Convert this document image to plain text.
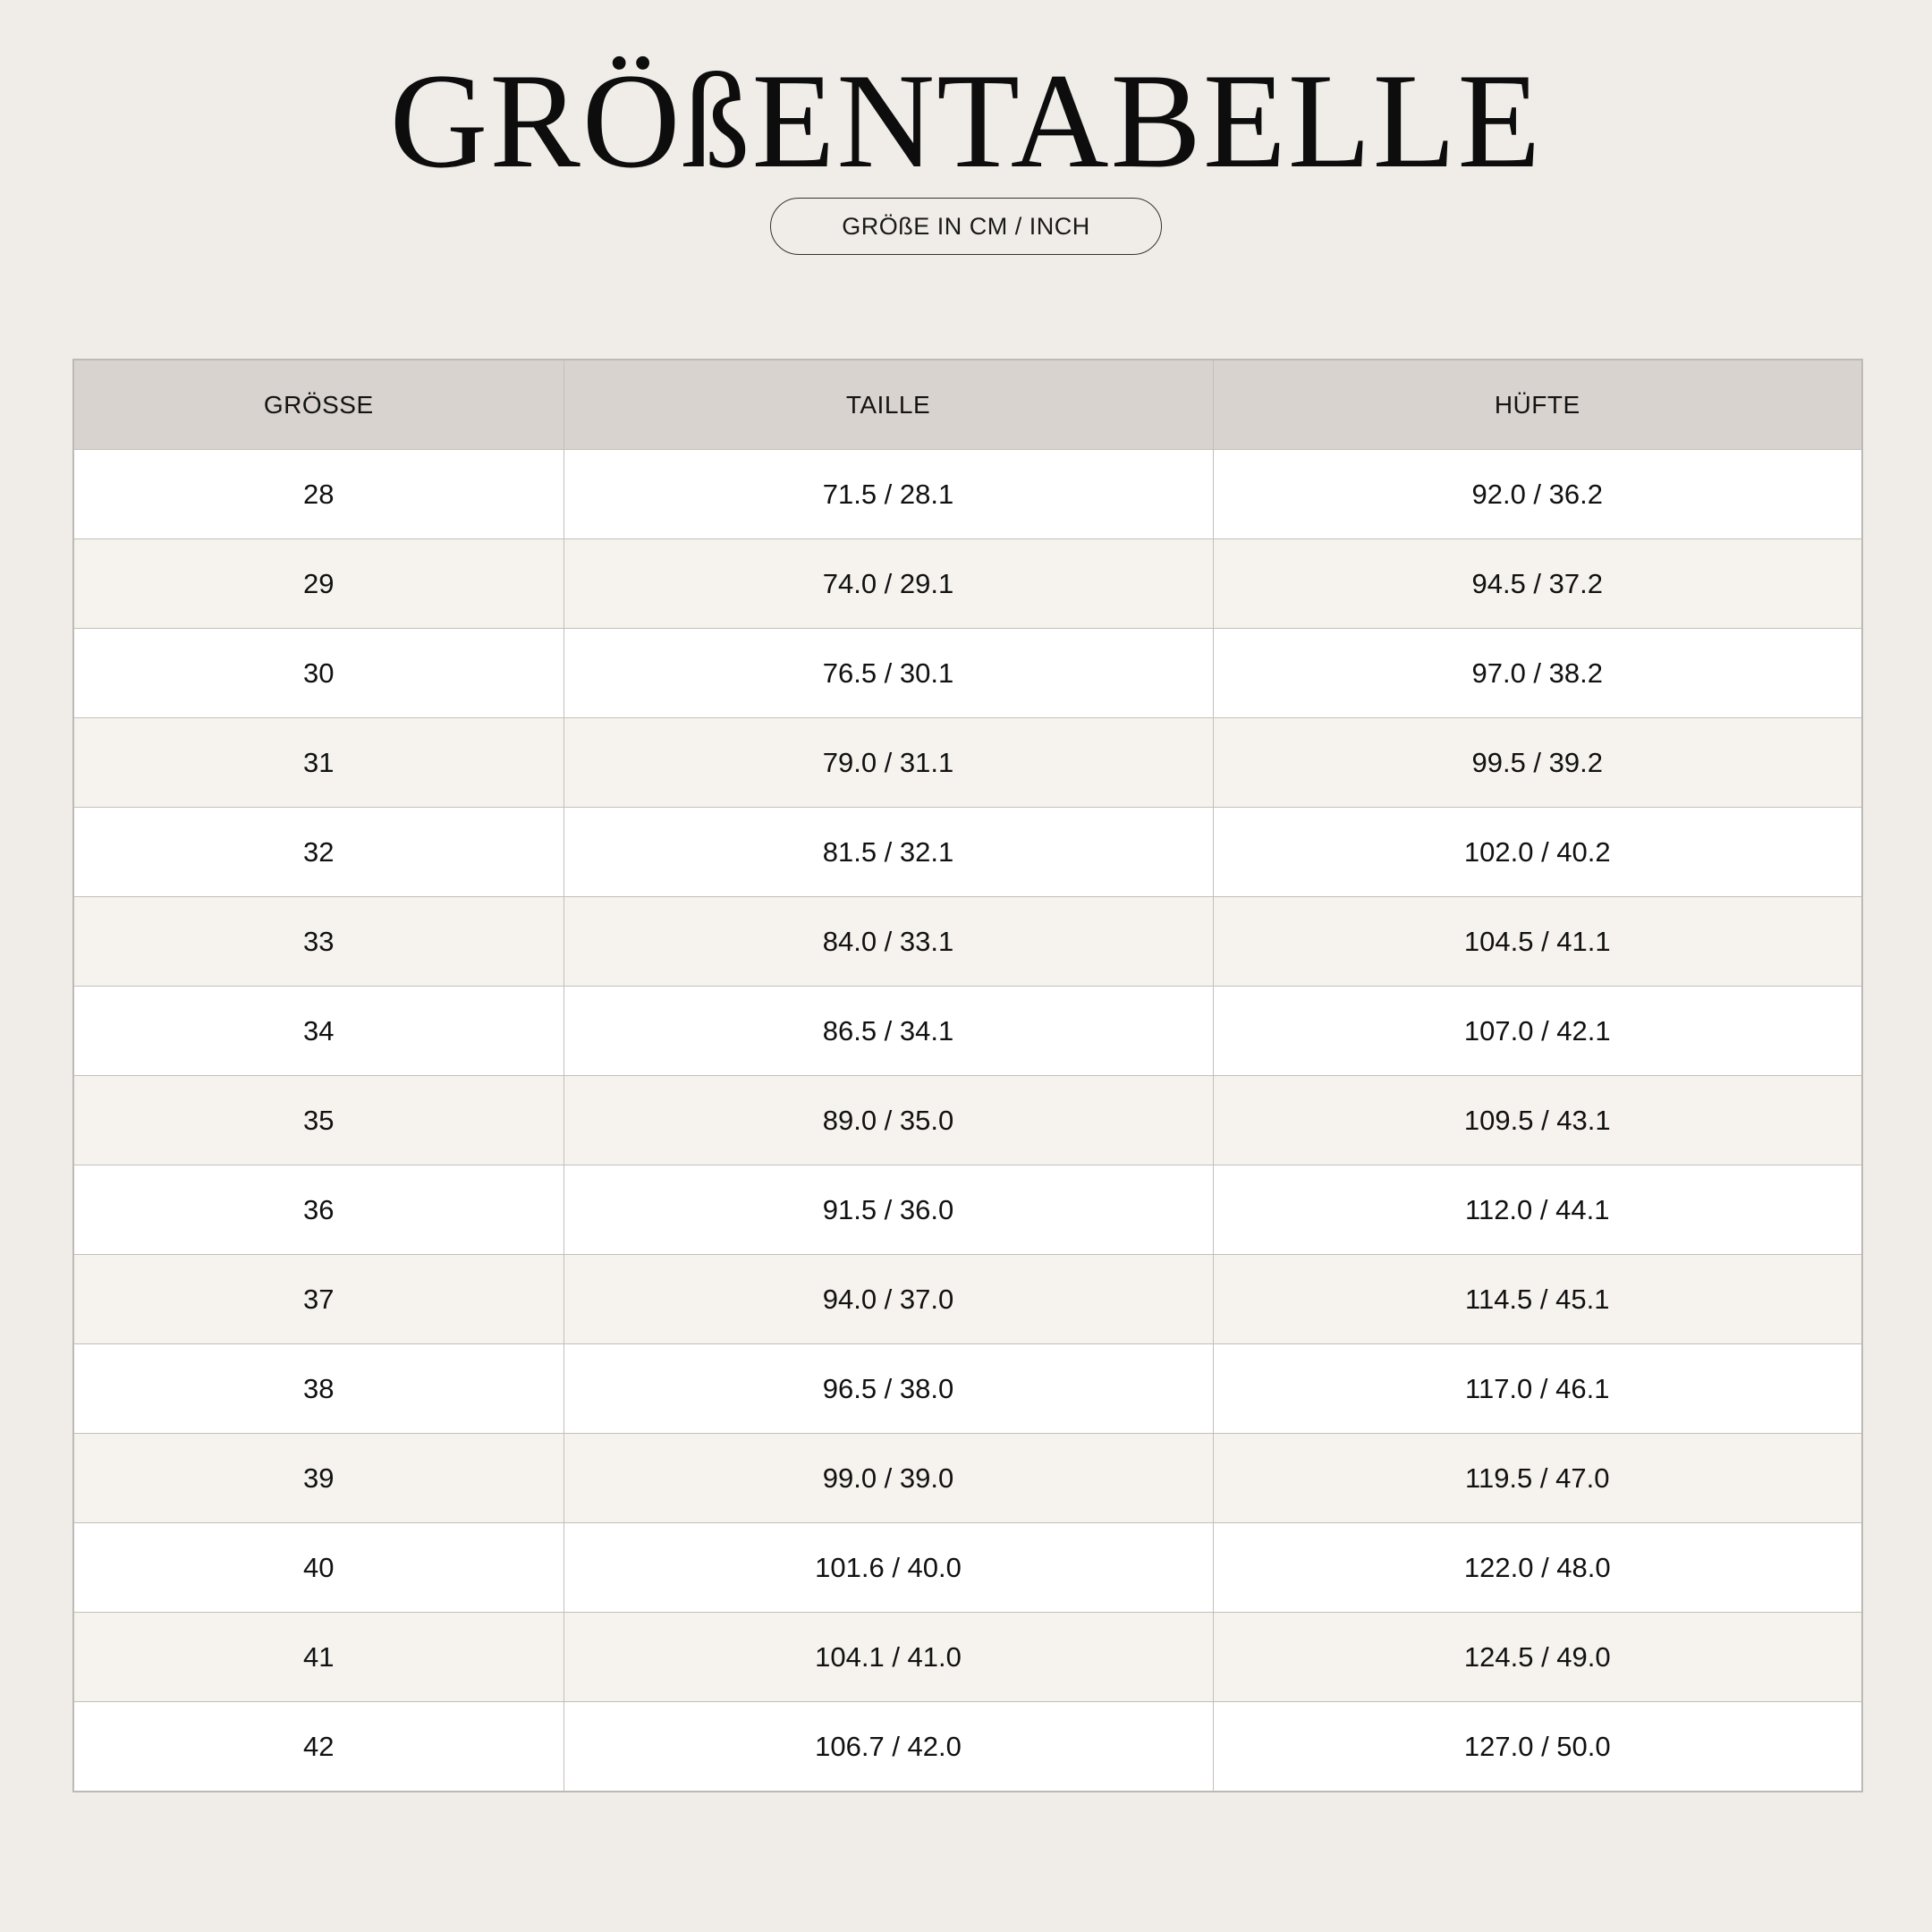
GRÖßENTABELLE
GRÖßE IN CM / INCH
GRÖSSE	TAILLE	HÜFTE
28	71.5 / 28.1	92.0 / 36.2
29	74.0 / 29.1	94.5 / 37.2
30	76.5 / 30.1	97.0 / 38.2
31	79.0 / 31.1	99.5 / 39.2
32	81.5 / 32.1	102.0 / 40.2
33	84.0 / 33.1	104.5 / 41.1
34	86.5 / 34.1	107.0 / 42.1
35	89.0 / 35.0	109.5 / 43.1
36	91.5 / 36.0	112.0 / 44.1
37	94.0 / 37.0	114.5 / 45.1
38	96.5 / 38.0	117.0 / 46.1
39	99.0 / 39.0	119.5 / 47.0
40	101.6 / 40.0	122.0 / 48.0
41	104.1 / 41.0	124.5 / 49.0
42	106.7 / 42.0	127.0 / 50.0
